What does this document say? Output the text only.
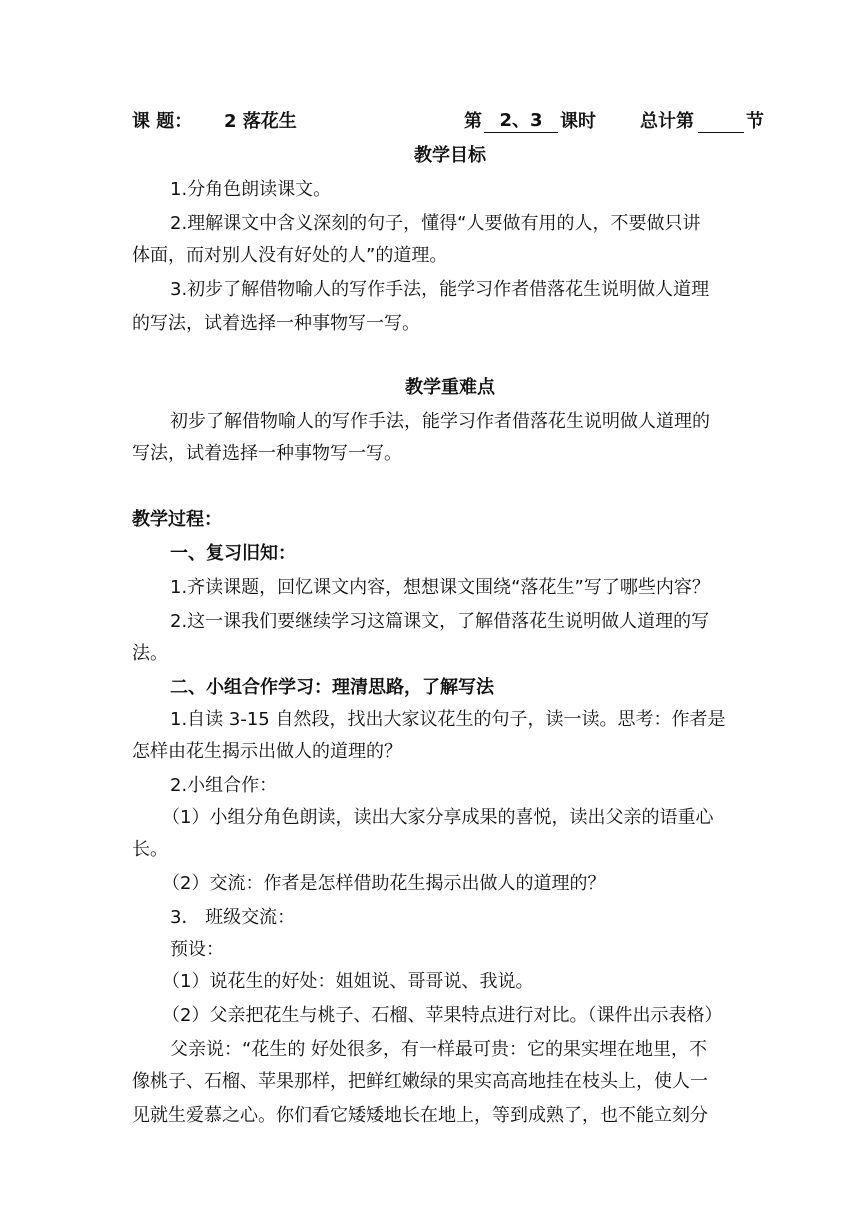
课 题： 2 落花生	第 2、3 课时 总计第	节
教学目标
1.分角色朗读课文。
2.理解课文中含义深刻的句子，懂得“人要做有用的人，不要做只讲
体面，而对别人没有好处的人”的道理。
3.初步了解借物喻人的写作手法，能学习作者借落花生说明做人道理
的写法，试着选择一种事物写一写。
教学重难点
初步了解借物喻人的写作手法，能学习作者借落花生说明做人道理的
写法，试着选择一种事物写一写。
教学过程：
一、复习旧知：
1.齐读课题，回忆课文内容，想想课文围绕“落花生”写了哪些内容？
2.这一课我们要继续学习这篇课文，了解借落花生说明做人道理的写
法。
二、小组合作学习：理清思路，了解写法
1.自读 3-15 自然段，找出大家议花生的句子，读一读。思考：作者是
怎样由花生揭示出做人的道理的？
2.小组合作：
（1）小组分角色朗读，读出大家分享成果的喜悦，读出父亲的语重心
长。
（2）交流：作者是怎样借助花生揭示出做人的道理的？
3． 班级交流：
预设：
（1）说花生的好处：姐姐说、哥哥说、我说。
（2）父亲把花生与桃子、石榴、苹果特点进行对比。（课件出示表格）
父亲说：“花生的 好处很多，有一样最可贵：它的果实埋在地里，不
像桃子、石榴、苹果那样，把鲜红嫩绿的果实高高地挂在枝头上，使人一
见就生爱慕之心。你们看它矮矮地长在地上，等到成熟了，也不能立刻分
